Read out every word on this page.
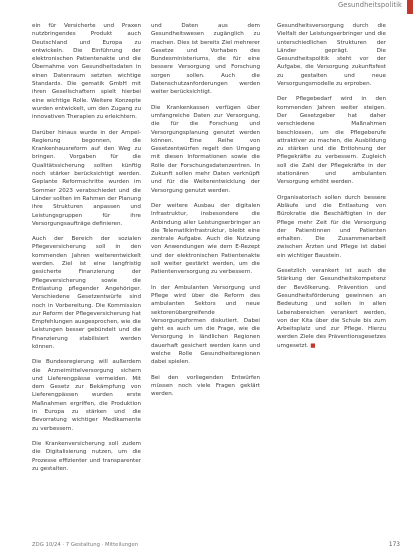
Gesundheitspolitik

ein für Versicherte und Praxen nutzbringendes Produkt auch Deutschland und Europa zu entwickeln. Die Einführung der elektronischen Patientenakte und die Übernahme von Gesundheitsdaten in einen Datenraum setzten wichtige Standards. Die gematik GmbH mit ihren Gesellschaftern spielt hierbei eine wichtige Rolle. Weitere Konzepte wurden entwickelt, um den Zugang zu innovativen Therapien zu erleichtern.

Darüber hinaus wurde in der Ampel-Regierung begonnen, die Krankenhausreform auf den Weg zu bringen. Vorgaben für die Qualitätssicherung sollten künftig noch stärker berücksichtigt werden. Geplante Reformschritte wurden im Sommer 2023 verabschiedet und die Länder sollten im Rahmen der Planung ihre Strukturen anpassen und Leistungsgruppen für ihre Versorgungsaufträge definieren.

Auch der Bereich der sozialen Pflegeversicherung soll in den kommenden Jahren weiterentwickelt werden. Ziel ist eine langfristig gesicherte Finanzierung der Pflegeversicherung sowie die Entlastung pflegender Angehöriger. Verschiedene Gesetzentwürfe sind noch in Vorbereitung. Die Kommission zur Reform der Pflegeversicherung hat Empfehlungen ausgesprochen, wie die Leistungen besser gebündelt und die Finanzierung stabilisiert werden können.

Die Bundesregierung will außerdem die Arzneimittelversorgung sichern und Lieferengpässe vermeiden. Mit dem Gesetz zur Bekämpfung von Lieferengpässen wurden erste Maßnahmen ergriffen, die Produktion in Europa zu stärken und die Bevorratung wichtiger Medikamente zu verbessern.

Die Krankenversicherung soll zudem die Digitalisierung nutzen, um die Prozesse effizienter und transparenter zu gestalten.

und Daten aus dem Gesundheitswesen zugänglich zu machen. Dies ist bereits Ziel mehrerer Gesetze und Vorhaben des Bundesministeriums, die für eine bessere Versorgung und Forschung sorgen sollen. Auch die Datenschutzanforderungen werden weiter berücksichtigt.

Die Krankenkassen verfügen über umfangreiche Daten zur Versorgung, die für die Forschung und Versorgungsplanung genutzt werden können. Eine Reihe von Gesetzentwürfen regelt den Umgang mit diesen Informationen sowie die Rolle der Forschungsdatenzentren. In Zukunft sollen mehr Daten verknüpft und für die Weiterentwicklung der Versorgung genutzt werden.

Der weitere Ausbau der digitalen Infrastruktur, insbesondere die Anbindung aller Leistungserbringer an die Telematikinfrastruktur, bleibt eine zentrale Aufgabe. Auch die Nutzung von Anwendungen wie dem E-Rezept und der elektronischen Patientenakte soll weiter gestärkt werden, um die Patientenversorgung zu verbessern.

In der Ambulanten Versorgung und Pflege wird über die Reform des ambulanten Sektors und neue sektorenübergreifende Versorgungsformen diskutiert. Dabei geht es auch um die Frage, wie die Versorgung in ländlichen Regionen dauerhaft gesichert werden kann und welche Rolle Gesundheitsregionen dabei spielen.

Bei den vorliegenden Entwürfen müssen noch viele Fragen geklärt werden.

Gesundheitsversorgung durch die Vielfalt der Leistungserbringer und die unterschiedlichen Strukturen der Länder geprägt. Die Gesundheitspolitik steht vor der Aufgabe, die Versorgung zukunftsfest zu gestalten und neue Versorgungsmodelle zu erproben.

Der Pflegebedarf wird in den kommenden Jahren weiter steigen. Der Gesetzgeber hat daher verschiedene Maßnahmen beschlossen, um die Pflegeberufe attraktiver zu machen, die Ausbildung zu stärken und die Entlohnung der Pflegekräfte zu verbessern. Zugleich soll die Zahl der Pflegekräfte in der stationären und ambulanten Versorgung erhöht werden.

Organisatorisch sollen durch bessere Abläufe und die Entlastung von Bürokratie die Beschäftigten in der Pflege mehr Zeit für die Versorgung der Patientinnen und Patienten erhalten. Die Zusammenarbeit zwischen Ärzten und Pflege ist dabei ein wichtiger Baustein.

Gesetzlich verankert ist auch die Stärkung der Gesundheitskompetenz der Bevölkerung. Prävention und Gesundheitsförderung gewinnen an Bedeutung und sollen in allen Lebensbereichen verankert werden, von der Kita über die Schule bis zum Arbeitsplatz und zur Pflege. Hierzu werden Ziele des Präventionsgesetzes umgesetzt. ■

ZDG 10/24 · 7 Gestaltung · Mitteilungen	173
